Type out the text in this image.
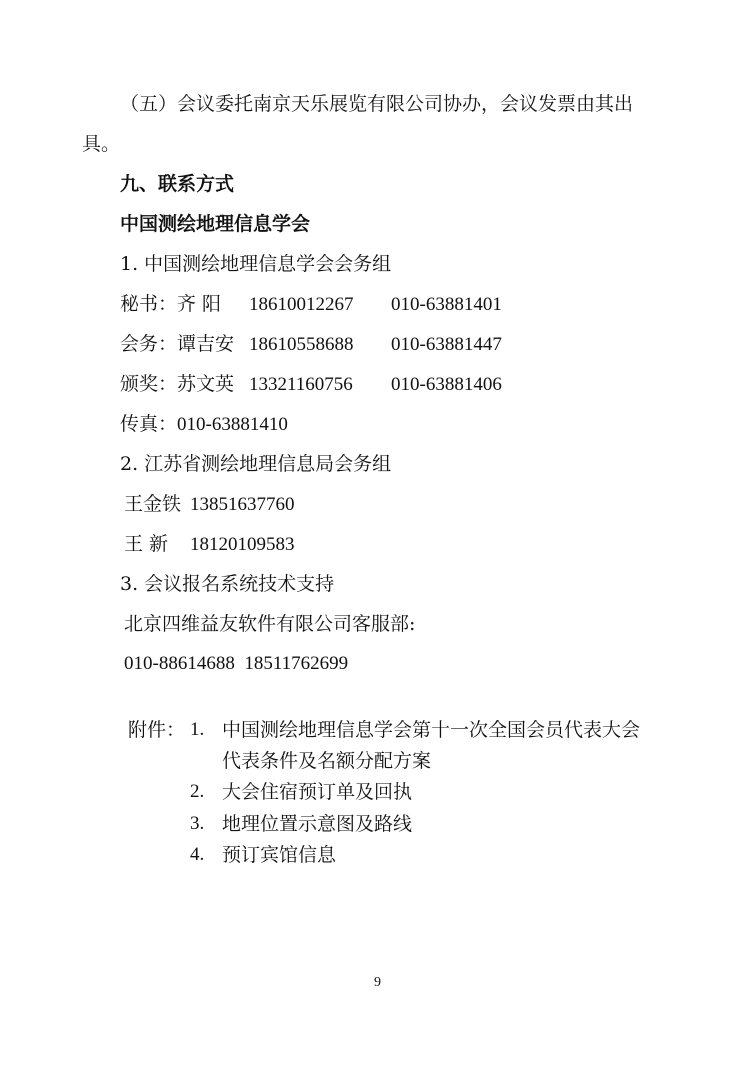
（五）会议委托南京天乐展览有限公司协办，会议发票由其出
具。
九、联系方式
中国测绘地理信息学会
1. 中国测绘地理信息学会会务组
秘书：齐 阳 18610012267 010-63881401
会务：谭吉安 18610558688 010-63881447
颁奖：苏文英 13321160756 010-63881406
传真：010-63881410
2. 江苏省测绘地理信息局会务组
王金铁 13851637760
王 新 18120109583
3. 会议报名系统技术支持
北京四维益友软件有限公司客服部:
010-88614688  18511762699
附件： 1. 中国测绘地理信息学会第十一次全国会员代表大会
代表条件及名额分配方案
2. 大会住宿预订单及回执
3. 地理位置示意图及路线
4. 预订宾馆信息
9
